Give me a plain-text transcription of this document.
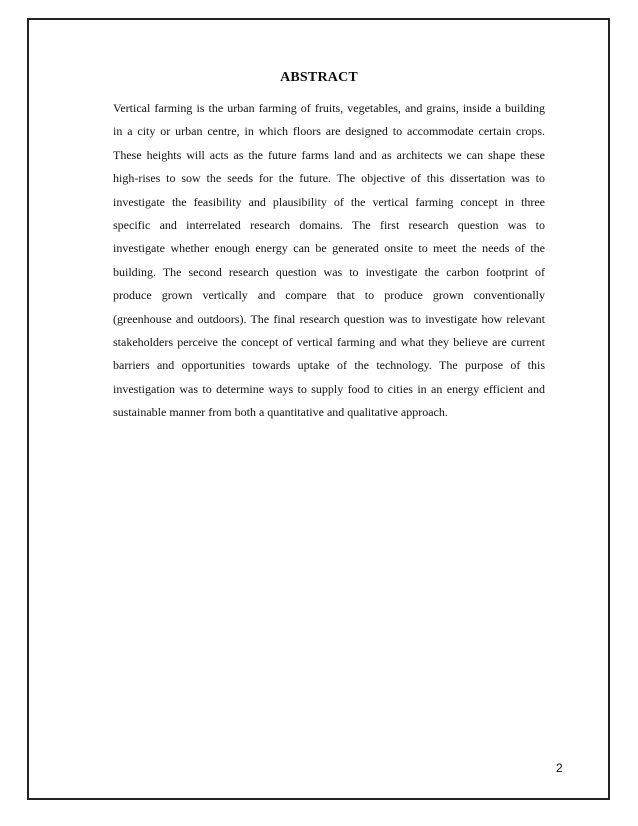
ABSTRACT
Vertical farming is the urban farming of fruits, vegetables, and grains, inside a building
in a city or urban centre, in which floors are designed to accommodate certain crops.
These heights will acts as the future farms land and as architects we can shape these
high-rises to sow the seeds for the future. The objective of this dissertation was to
investigate the feasibility and plausibility of the vertical farming concept in three
specific and interrelated research domains. The first research question was to
investigate whether enough energy can be generated onsite to meet the needs of the
building. The second research question was to investigate the carbon footprint of
produce grown vertically and compare that to produce grown conventionally
(greenhouse and outdoors). The final research question was to investigate how relevant
stakeholders perceive the concept of vertical farming and what they believe are current
barriers and opportunities towards uptake of the technology. The purpose of this
investigation was to determine ways to supply food to cities in an energy efficient and
sustainable manner from both a quantitative and qualitative approach.
2
